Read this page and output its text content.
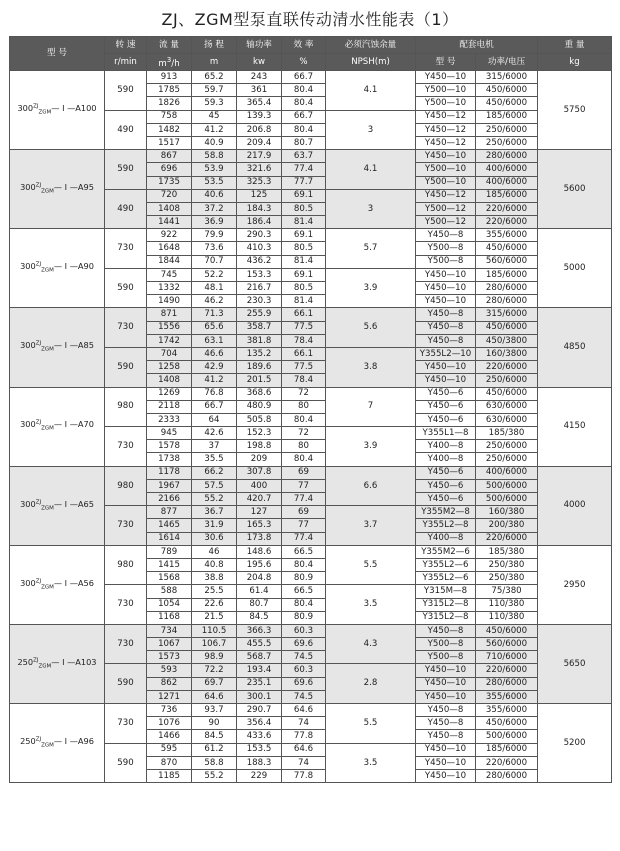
ZJ、ZGM型泵直联传动清水性能表（1）
型 号	转 速	流 量	扬 程	轴功率	效 率	必须汽蚀余量	配套电机		重 量
	r/min	$m^3/h$	m	kw	%	NPSH(m)	型 号	功率/电压	kg
$300^{ZJ}_{ZGM}—$ I —A100	590	913	65.2	243	66.7	4.1	Y450—10	315/6000	5750
		1785	59.7	361	80.4		Y500—10	450/6000	
		1826	59.3	365.4	80.4		Y500—10	450/6000	
	490	758	45	139.3	66.7	3	Y450—12	185/6000	
		1482	41.2	206.8	80.4		Y450—12	250/6000	
		1517	40.9	209.4	80.7		Y450—12	250/6000	
$300^{ZJ}_{ZGM}—$ I —A95	590	867	58.8	217.9	63.7	4.1	Y450—10	280/6000	5600
		696	53.9	321.6	77.4		Y500—10	400/6000	
		1735	53.5	325.3	77.7		Y500—10	400/6000	
	490	720	40.6	125	69.1	3	Y450—12	185/6000	
		1408	37.2	184.3	80.5		Y500—12	220/6000	
		1441	36.9	186.4	81.4		Y500—12	220/6000	
$300^{ZJ}_{ZGM}—$ I —A90	730	922	79.9	290.3	69.1	5.7	Y450—8	355/6000	5000
		1648	73.6	410.3	80.5		Y500—8	450/6000	
		1844	70.7	436.2	81.4		Y500—8	560/6000	
	590	745	52.2	153.3	69.1	3.9	Y450—10	185/6000	
		1332	48.1	216.7	80.5		Y450—10	280/6000	
		1490	46.2	230.3	81.4		Y450—10	280/6000	
$300^{ZJ}_{ZGM}—$ I —A85	730	871	71.3	255.9	66.1	5.6	Y450—8	315/6000	4850
		1556	65.6	358.7	77.5		Y450—8	450/6000	
		1742	63.1	381.8	78.4		Y450—8	450/3800	
	590	704	46.6	135.2	66.1	3.8	Y355L2—10	160/3800	
		1258	42.9	189.6	77.5		Y450—10	220/6000	
		1408	41.2	201.5	78.4		Y450—10	250/6000	
$300^{ZJ}_{ZGM}—$ I —A70	980	1269	76.8	368.6	72	7	Y450—6	450/6000	4150
		2118	66.7	480.9	80		Y450—6	630/6000	
		2333	64	505.8	80.4		Y450—6	630/6000	
	730	945	42.6	152.3	72	3.9	Y355L1—8	185/380	
		1578	37	198.8	80		Y400—8	250/6000	
		1738	35.5	209	80.4		Y400—8	250/6000	
$300^{ZJ}_{ZGM}—$ I —A65	980	1178	66.2	307.8	69	6.6	Y450—6	400/6000	4000
		1967	57.5	400	77		Y450—6	500/6000	
		2166	55.2	420.7	77.4		Y450—6	500/6000	
	730	877	36.7	127	69	3.7	Y355M2—8	160/380	
		1465	31.9	165.3	77		Y355L2—8	200/380	
		1614	30.6	173.8	77.4		Y400—8	220/6000	
$300^{ZJ}_{ZGM}—$ I —A56	980	789	46	148.6	66.5	5.5	Y355M2—6	185/380	2950
		1415	40.8	195.6	80.4		Y355L2—6	250/380	
		1568	38.8	204.8	80.9		Y355L2—6	250/380	
	730	588	25.5	61.4	66.5	3.5	Y315M—8	75/380	
		1054	22.6	80.7	80.4		Y315L2—8	110/380	
		1168	21.5	84.5	80.9		Y315L2—8	110/380	
$250^{ZJ}_{ZGM}—$ I —A103	730	734	110.5	366.3	60.3	4.3	Y450—8	450/6000	5650
		1067	106.7	455.5	69.6		Y500—8	560/6000	
		1573	98.9	568.7	74.5		Y500—8	710/6000	
	590	593	72.2	193.4	60.3	2.8	Y450—10	220/6000	
		862	69.7	235.1	69.6		Y450—10	280/6000	
		1271	64.6	300.1	74.5		Y450—10	355/6000	
$250^{ZJ}_{ZGM}—$ I —A96	730	736	93.7	290.7	64.6	5.5	Y450—8	355/6000	5200
		1076	90	356.4	74		Y450—8	450/6000	
		1466	84.5	433.6	77.8		Y450—8	500/6000	
	590	595	61.2	153.5	64.6	3.5	Y450—10	185/6000	
		870	58.8	188.3	74		Y450—10	220/6000	
		1185	55.2	229	77.8		Y450—10	280/6000	
